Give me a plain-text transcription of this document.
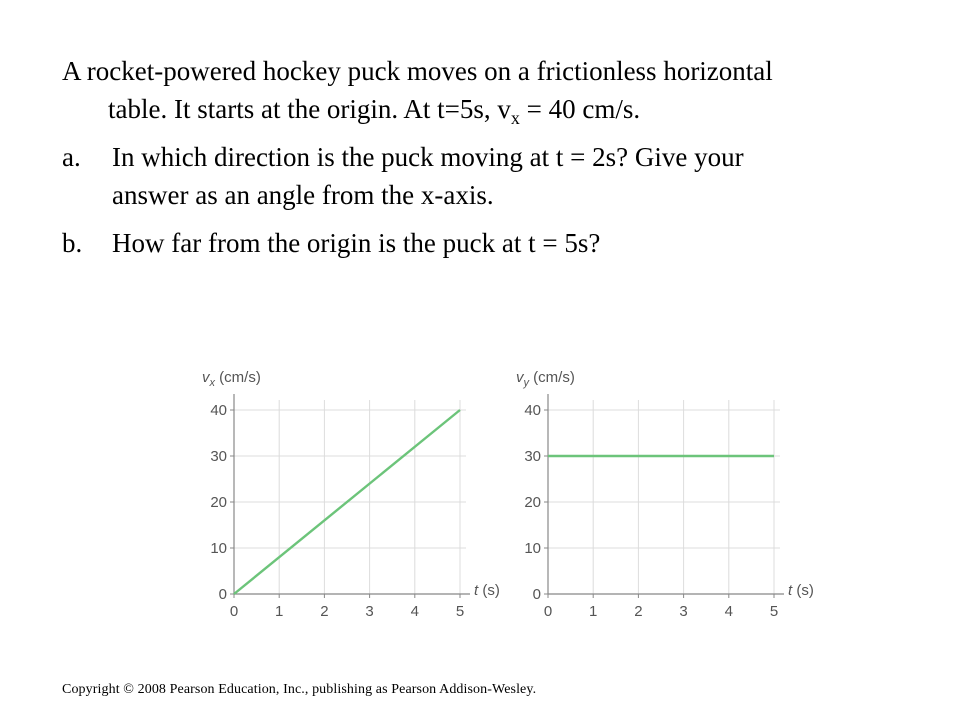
A rocket-powered hockey puck moves on a frictionless horizontal
table. It starts at the origin. At t=5s, $v_x = 40$ cm/s.

a.	In which direction is the puck moving at t = 2s? Give your
answer as an angle from the x-axis.
b.	How far from the origin is the puck at t = 5s?
0 1 2 3 4 5
0
10
20
30
40
$v_x$ (cm/s)
t (s)
0 1 2 3 4 5
0
10
20
30
40
$v_y$ (cm/s)
t (s)
Copyright © 2008 Pearson Education, Inc., publishing as Pearson Addison-Wesley.
